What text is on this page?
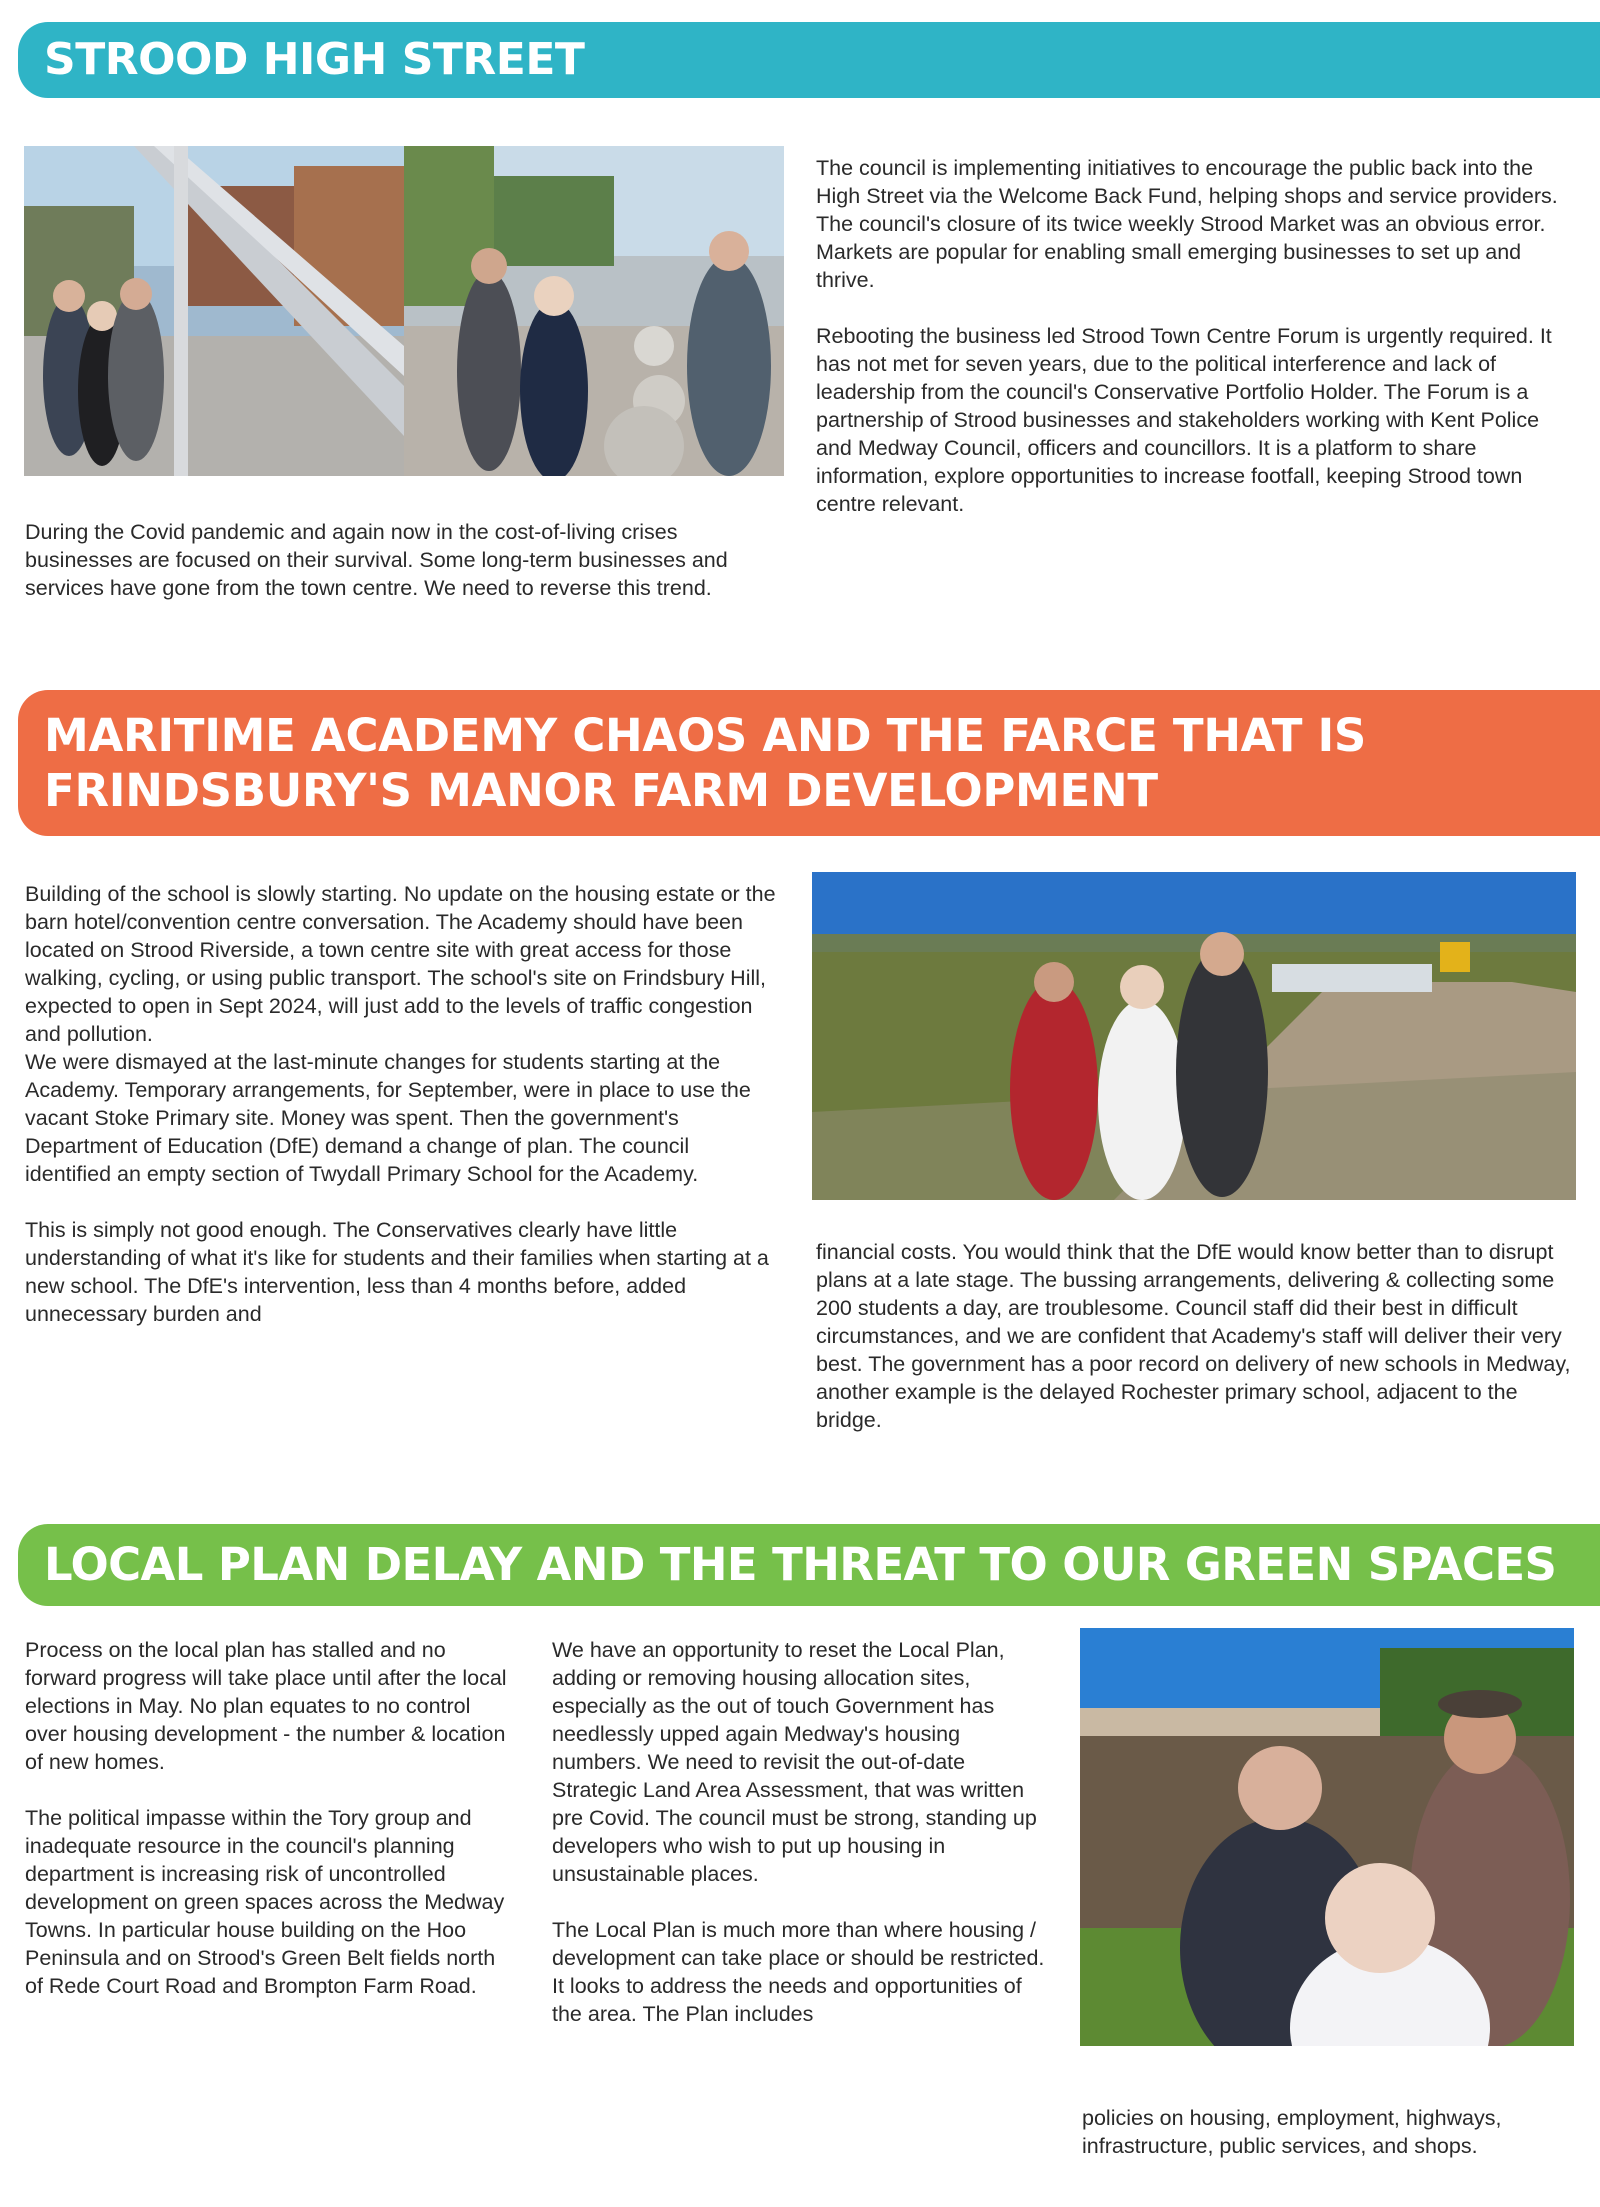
STROOD HIGH STREET

During the Covid pandemic and again now in the cost-of-living crises businesses are focused on their survival. Some long-term businesses and services have gone from the town centre. We need to reverse this trend.

The council is implementing initiatives to encourage the public back into the High Street via the Welcome Back Fund, helping shops and service providers. The council's closure of its twice weekly Strood Market was an obvious error. Markets are popular for enabling small emerging businesses to set up and thrive.

Rebooting the business led Strood Town Centre Forum is urgently required. It has not met for seven years, due to the political interference and lack of leadership from the council's Conservative Portfolio Holder. The Forum is a partnership of Strood businesses and stakeholders working with Kent Police and Medway Council, officers and councillors. It is a platform to share information, explore opportunities to increase footfall, keeping Strood town centre relevant.

MARITIME ACADEMY CHAOS AND THE FARCE THAT IS
FRINDSBURY'S MANOR FARM DEVELOPMENT

Building of the school is slowly starting. No update on the housing estate or the barn hotel/convention centre conversation. The Academy should have been located on Strood Riverside, a town centre site with great access for those walking, cycling, or using public transport. The school's site on Frindsbury Hill, expected to open in Sept 2024, will just add to the levels of traffic congestion and pollution.

We were dismayed at the last-minute changes for students starting at the Academy. Temporary arrangements, for September, were in place to use the vacant Stoke Primary site. Money was spent. Then the government's Department of Education (DfE) demand a change of plan. The council identified an empty section of Twydall Primary School for the Academy.

This is simply not good enough. The Conservatives clearly have little understanding of what it's like for students and their families when starting at a new school. The DfE's intervention, less than 4 months before, added unnecessary burden and

financial costs. You would think that the DfE would know better than to disrupt plans at a late stage. The bussing arrangements, delivering & collecting some 200 students a day, are troublesome. Council staff did their best in difficult circumstances, and we are confident that Academy's staff will deliver their very best. The government has a poor record on delivery of new schools in Medway, another example is the delayed Rochester primary school, adjacent to the bridge.

LOCAL PLAN DELAY AND THE THREAT TO OUR GREEN SPACES

Process on the local plan has stalled and no forward progress will take place until after the local elections in May. No plan equates to no control over housing development - the number & location of new homes.

The political impasse within the Tory group and inadequate resource in the council's planning department is increasing risk of uncontrolled development on green spaces across the Medway Towns. In particular house building on the Hoo Peninsula and on Strood's Green Belt fields north of Rede Court Road and Brompton Farm Road.

We have an opportunity to reset the Local Plan, adding or removing housing allocation sites, especially as the out of touch Government has needlessly upped again Medway's housing numbers. We need to revisit the out-of-date Strategic Land Area Assessment, that was written pre Covid. The council must be strong, standing up developers who wish to put up housing in unsustainable places.

The Local Plan is much more than where housing / development can take place or should be restricted. It looks to address the needs and opportunities of the area. The Plan includes

policies on housing, employment, highways, infrastructure, public services, and shops.
